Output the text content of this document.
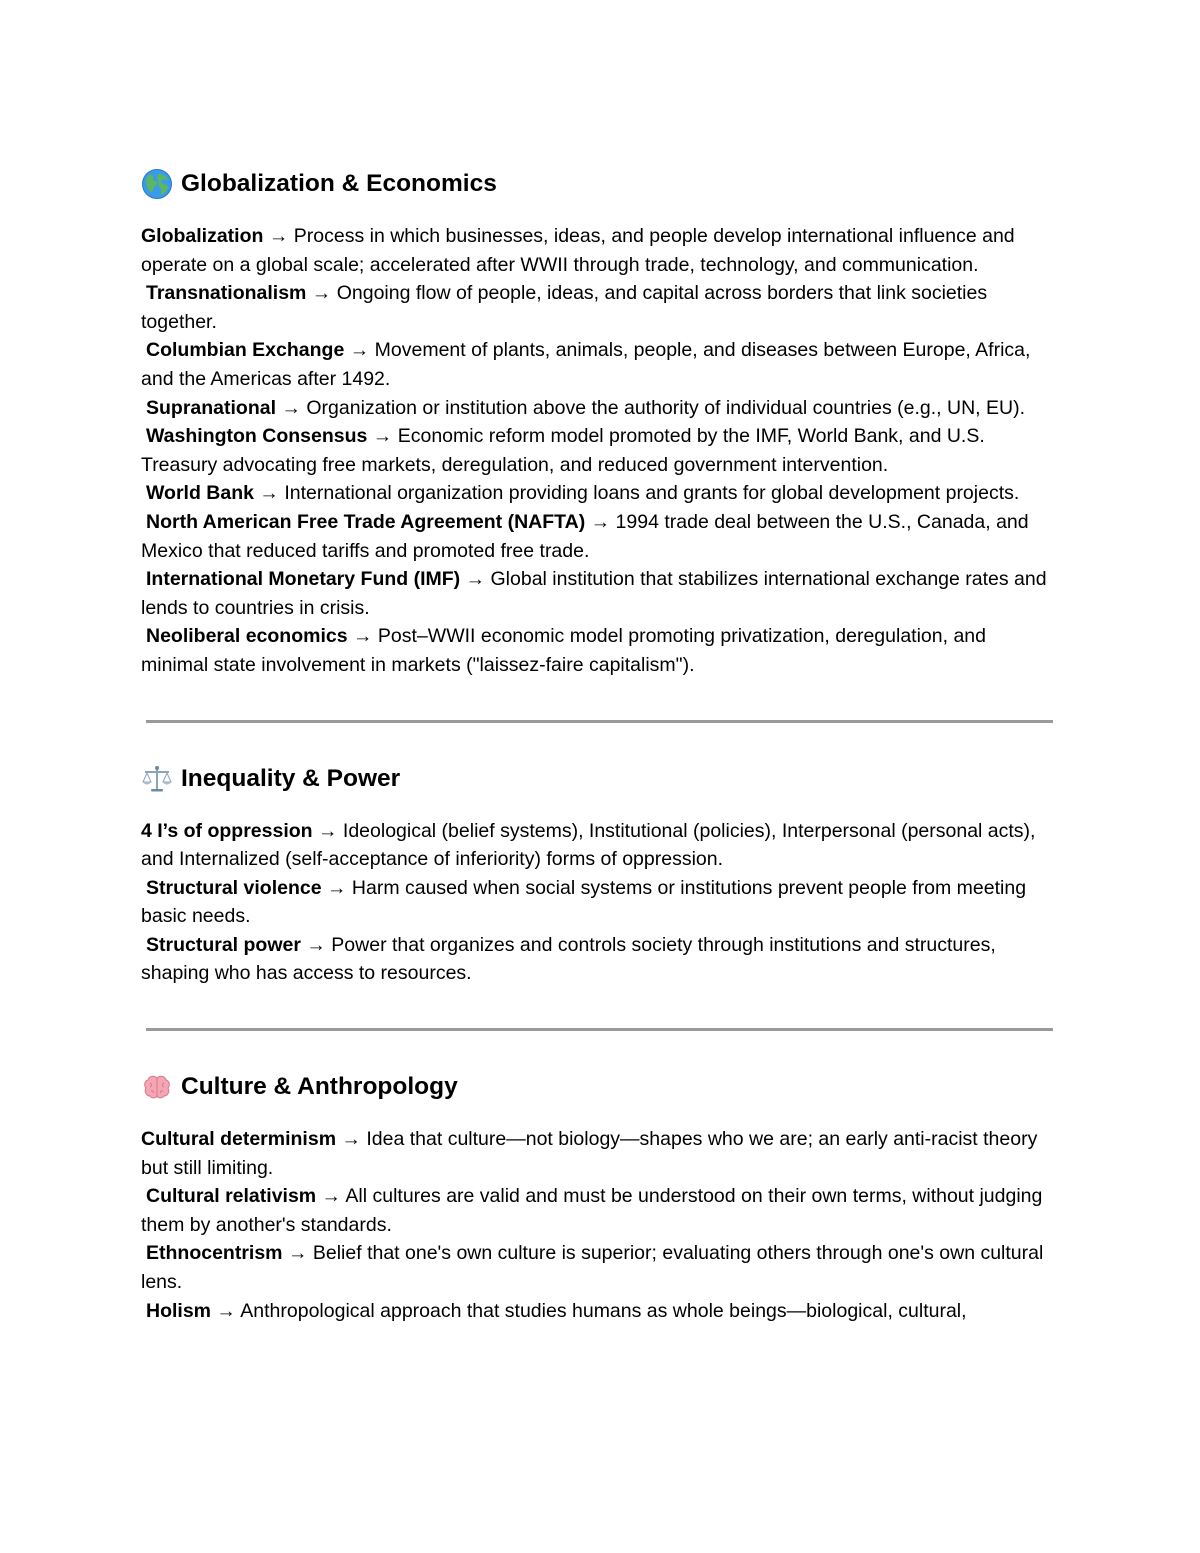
Globalization & Economics

Globalization → Process in which businesses, ideas, and people develop international influence and operate on a global scale; accelerated after WWII through trade, technology, and communication.

Transnationalism → Ongoing flow of people, ideas, and capital across borders that link societies together.

Columbian Exchange → Movement of plants, animals, people, and diseases between Europe, Africa, and the Americas after 1492.

Supranational → Organization or institution above the authority of individual countries (e.g., UN, EU).

Washington Consensus → Economic reform model promoted by the IMF, World Bank, and U.S. Treasury advocating free markets, deregulation, and reduced government intervention.

World Bank → International organization providing loans and grants for global development projects.

North American Free Trade Agreement (NAFTA) → 1994 trade deal between the U.S., Canada, and Mexico that reduced tariffs and promoted free trade.

International Monetary Fund (IMF) → Global institution that stabilizes international exchange rates and lends to countries in crisis.

Neoliberal economics → Post–WWII economic model promoting privatization, deregulation, and minimal state involvement in markets ("laissez-faire capitalism").

Inequality & Power

4 I’s of oppression → Ideological (belief systems), Institutional (policies), Interpersonal (personal acts), and Internalized (self-acceptance of inferiority) forms of oppression.

Structural violence → Harm caused when social systems or institutions prevent people from meeting basic needs.

Structural power → Power that organizes and controls society through institutions and structures, shaping who has access to resources.

Culture & Anthropology

Cultural determinism → Idea that culture—not biology—shapes who we are; an early anti-racist theory but still limiting.

Cultural relativism → All cultures are valid and must be understood on their own terms, without judging them by another's standards.

Ethnocentrism → Belief that one's own culture is superior; evaluating others through one's own cultural lens.

Holism → Anthropological approach that studies humans as whole beings—biological, cultural,
